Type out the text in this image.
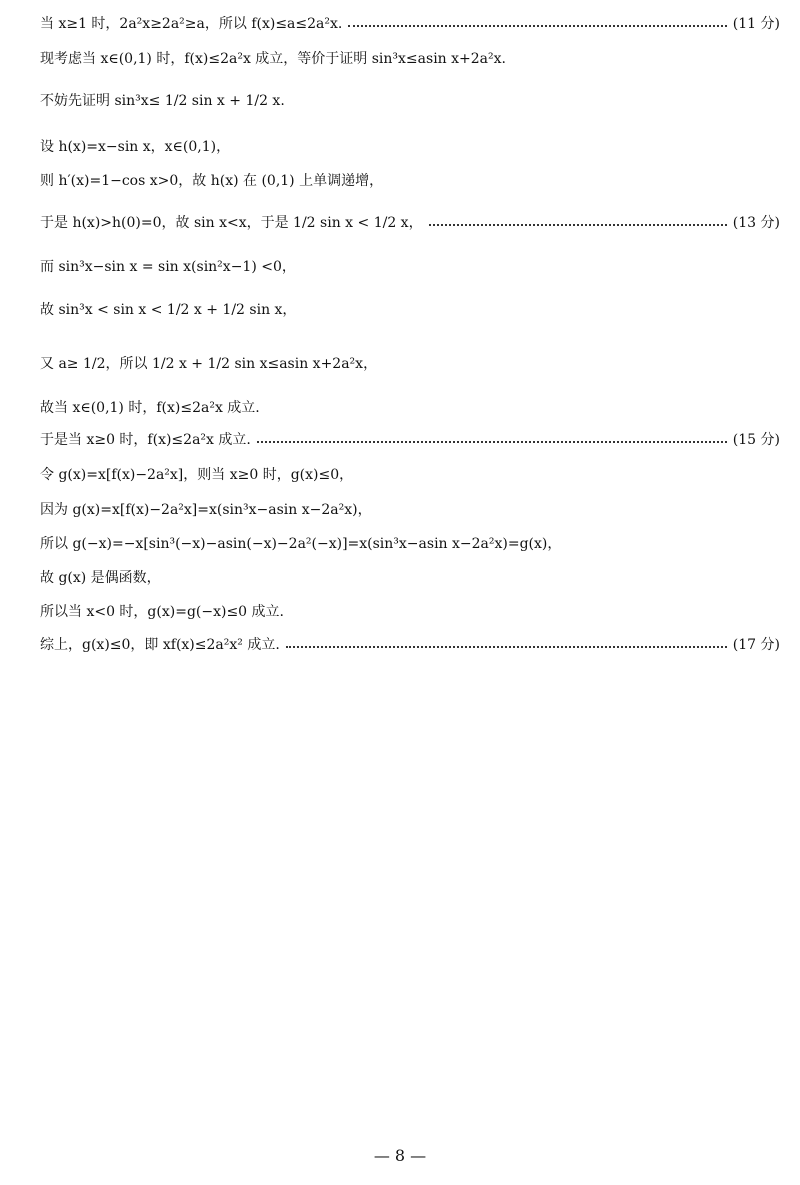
当 x≥1 时，2a²x≥2a²≥a，所以 f(x)≤a≤2a²x.	(11 分)
现考虑当 x∈(0,1) 时，f(x)≤2a²x 成立，等价于证明 sin³x≤asin x+2a²x.
不妨先证明 sin³x≤ 1/2 sin x + 1/2 x.
设 h(x)=x−sin x，x∈(0,1)，
则 h′(x)=1−cos x>0，故 h(x) 在 (0,1) 上单调递增，
于是 h(x)>h(0)=0，故 sin x<x，于是 1/2 sin x < 1/2 x，	(13 分)
而 sin³x−sin x = sin x(sin²x−1) <0，
故 sin³x < sin x < 1/2 x + 1/2 sin x，
又 a≥ 1/2，所以 1/2 x + 1/2 sin x≤asin x+2a²x，
故当 x∈(0,1) 时，f(x)≤2a²x 成立.
于是当 x≥0 时，f(x)≤2a²x 成立.	(15 分)
令 g(x)=x[f(x)−2a²x]，则当 x≥0 时，g(x)≤0，
因为 g(x)=x[f(x)−2a²x]=x(sin³x−asin x−2a²x)，
所以 g(−x)=−x[sin³(−x)−asin(−x)−2a²(−x)]=x(sin³x−asin x−2a²x)=g(x)，
故 g(x) 是偶函数，
所以当 x<0 时，g(x)=g(−x)≤0 成立.
综上，g(x)≤0，即 xf(x)≤2a²x² 成立.	(17 分)
— 8 —
